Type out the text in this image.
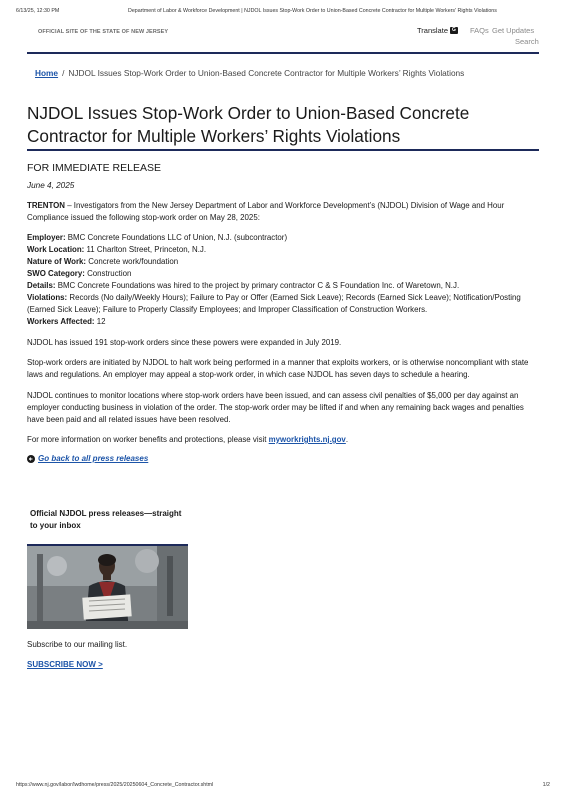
6/13/25, 12:30 PM	Department of Labor & Workforce Development | NJDOL Issues Stop-Work Order to Union-Based Concrete Contractor for Multiple Workers' Rights Violations
OFFICIAL SITE OF THE STATE OF NEW JERSEY	Translate G FAQs Get Updates
Search
Home / NJDOL Issues Stop-Work Order to Union-Based Concrete Contractor for Multiple Workers’ Rights Violations
NJDOL Issues Stop-Work Order to Union-Based Concrete Contractor for Multiple Workers’ Rights Violations
FOR IMMEDIATE RELEASE
June 4, 2025

TRENTON – Investigators from the New Jersey Department of Labor and Workforce Development’s (NJDOL) Division of Wage and Hour Compliance issued the following stop-work order on May 28, 2025:

Employer: BMC Concrete Foundations LLC of Union, N.J. (subcontractor)
Work Location: 11 Charlton Street, Princeton, N.J.
Nature of Work: Concrete work/foundation
SWO Category: Construction
Details: BMC Concrete Foundations was hired to the project by primary contractor C & S Foundation Inc. of Waretown, N.J.
Violations: Records (No daily/Weekly Hours); Failure to Pay or Offer (Earned Sick Leave); Records (Earned Sick Leave); Notification/Posting (Earned Sick Leave); Failure to Properly Classify Employees; and Improper Classification of Construction Workers.
Workers Affected: 12

NJDOL has issued 191 stop-work orders since these powers were expanded in July 2019.

Stop-work orders are initiated by NJDOL to halt work being performed in a manner that exploits workers, or is otherwise noncompliant with state laws and regulations. An employer may appeal a stop-work order, in which case NJDOL has seven days to schedule a hearing.

NJDOL continues to monitor locations where stop-work orders have been issued, and can assess civil penalties of $5,000 per day against an employer conducting business in violation of the order. The stop-work order may be lifted if and when any remaining back wages and penalties have been paid and all related issues have been resolved.

For more information on worker benefits and protections, please visit myworkrights.nj.gov.

Go back to all press releases
Official NJDOL press releases—straight to your inbox
Subscribe to our mailing list.
SUBSCRIBE NOW >
https://www.nj.gov/labor/lwdhome/press/2025/20250604_Concrete_Contractor.shtml	1/2
